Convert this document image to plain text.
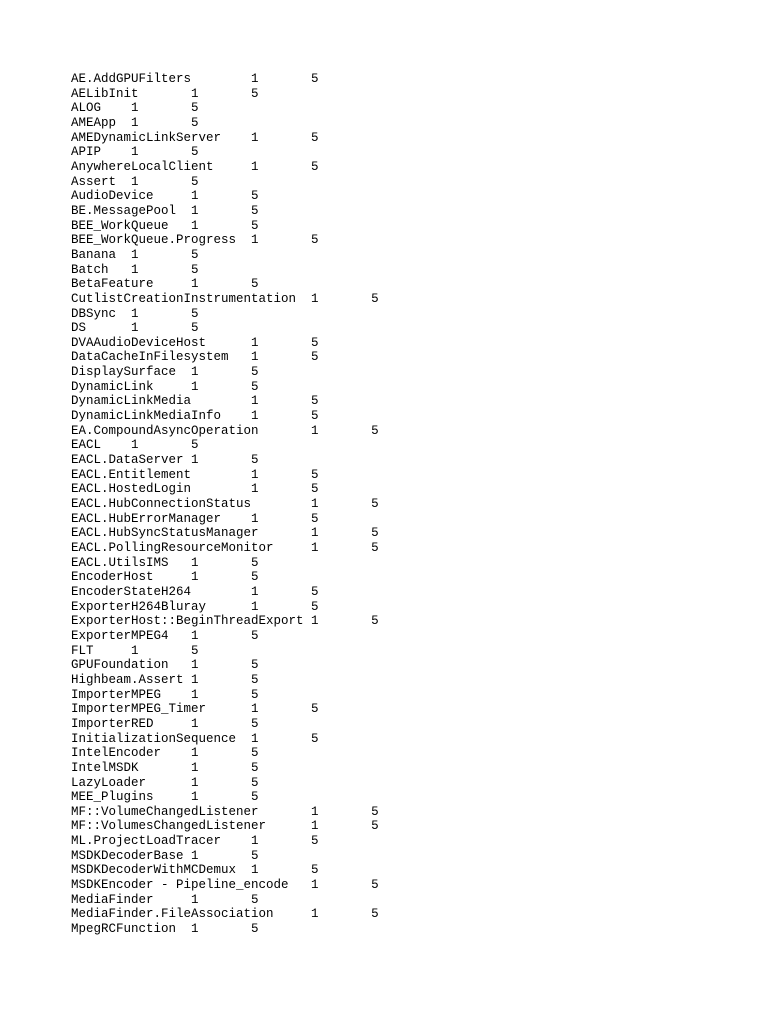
AE.AddGPUFilters	1	5
AELibInit	1	5
ALOG	1	5
AMEApp	1	5
AMEDynamicLinkServer	1	5
APIP	1	5
AnywhereLocalClient	1	5
Assert	1	5
AudioDevice	1	5
BE.MessagePool	1	5
BEE_WorkQueue	1	5
BEE_WorkQueue.Progress	1	5
Banana	1	5
Batch	1	5
BetaFeature	1	5
CutlistCreationInstrumentation	1	5
DBSync	1	5
DS	1	5
DVAAudioDeviceHost	1	5
DataCacheInFilesystem	1	5
DisplaySurface	1	5
DynamicLink	1	5
DynamicLinkMedia	1	5
DynamicLinkMediaInfo	1	5
EA.CompoundAsyncOperation	1	5
EACL	1	5
EACL.DataServer	1	5
EACL.Entitlement	1	5
EACL.HostedLogin	1	5
EACL.HubConnectionStatus	1	5
EACL.HubErrorManager	1	5
EACL.HubSyncStatusManager	1	5
EACL.PollingResourceMonitor	1	5
EACL.UtilsIMS	1	5
EncoderHost	1	5
EncoderStateH264	1	5
ExporterH264Bluray	1	5
ExporterHost::BeginThreadExport	1	5
ExporterMPEG4	1	5
FLT	1	5
GPUFoundation	1	5
Highbeam.Assert	1	5
ImporterMPEG	1	5
ImporterMPEG_Timer	1	5
ImporterRED	1	5
InitializationSequence	1	5
IntelEncoder	1	5
IntelMSDK	1	5
LazyLoader	1	5
MEE_Plugins	1	5
MF::VolumeChangedListener	1	5
MF::VolumesChangedListener	1	5
ML.ProjectLoadTracer	1	5
MSDKDecoderBase	1	5
MSDKDecoderWithMCDemux	1	5
MSDKEncoder - Pipeline_encode	1	5
MediaFinder	1	5
MediaFinder.FileAssociation	1	5
MpegRCFunction	1	5
